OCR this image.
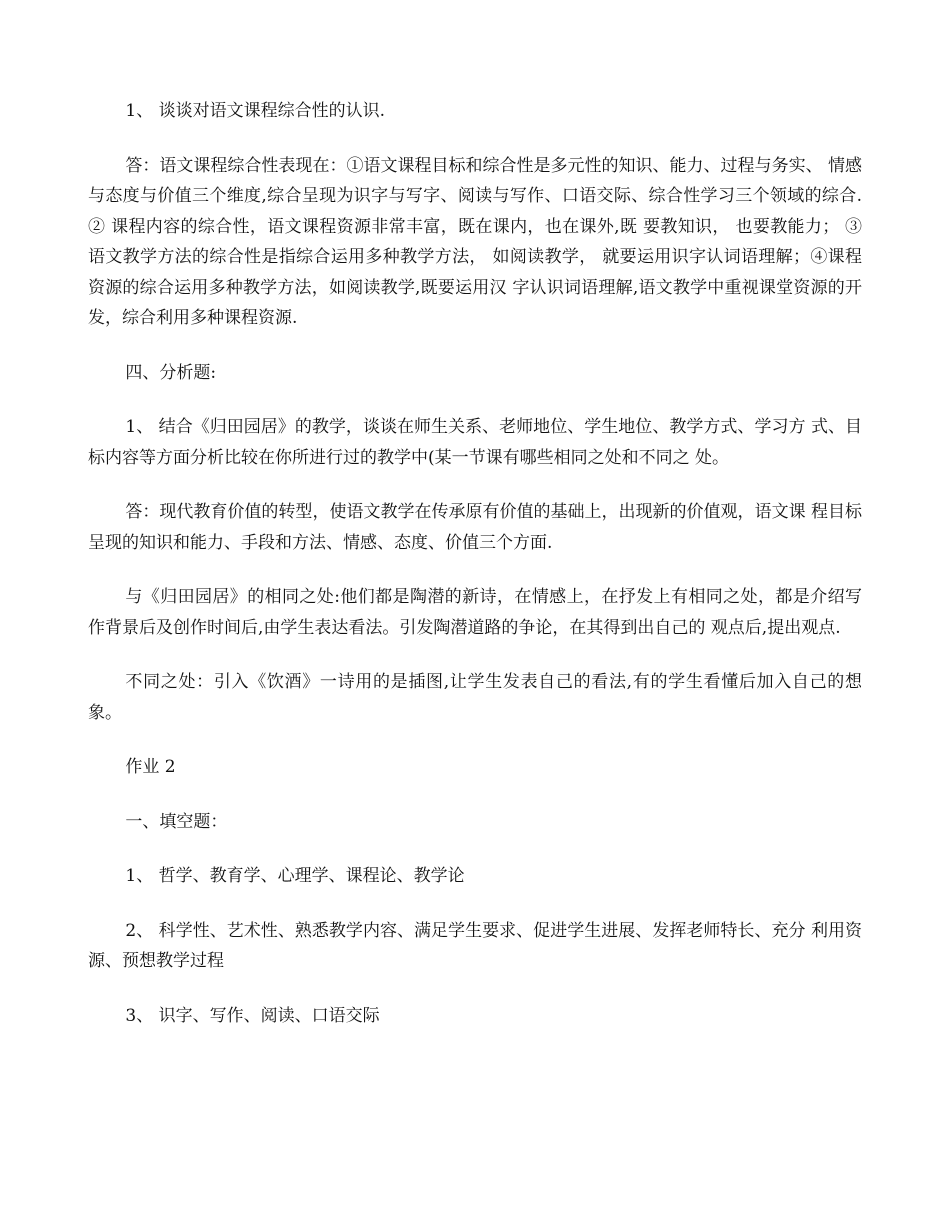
1、 谈谈对语文课程综合性的认识.

答：语文课程综合性表现在：①语文课程目标和综合性是多元性的知识、能力、过程与务实、 情感与态度与价值三个维度,综合呈现为识字与写字、阅读与写作、口语交际、综合性学习三个领域的综合.② 课程内容的综合性，语文课程资源非常丰富，既在课内，也在课外,既 要教知识， 也要教能力； ③语文教学方法的综合性是指综合运用多种教学方法， 如阅读教学， 就要运用识字认词语理解；④课程资源的综合运用多种教学方法，如阅读教学,既要运用汉 字认识词语理解,语文教学中重视课堂资源的开发，综合利用多种课程资源.

四、分析题:

1、 结合《归田园居》的教学，谈谈在师生关系、老师地位、学生地位、教学方式、学习方 式、目标内容等方面分析比较在你所进行过的教学中(某一节课有哪些相同之处和不同之 处。

答：现代教育价值的转型，使语文教学在传承原有价值的基础上，出现新的价值观，语文课 程目标呈现的知识和能力、手段和方法、情感、态度、价值三个方面.

与《归田园居》的相同之处:他们都是陶潜的新诗，在情感上，在抒发上有相同之处，都是介绍写作背景后及创作时间后,由学生表达看法。引发陶潜道路的争论，在其得到出自己的 观点后,提出观点.

不同之处：引入《饮酒》一诗用的是插图,让学生发表自己的看法,有的学生看懂后加入自己的想象。

作业 2

一、填空题：

1、 哲学、教育学、心理学、课程论、教学论

2、 科学性、艺术性、熟悉教学内容、满足学生要求、促进学生进展、发挥老师特长、充分 利用资源、预想教学过程

3、 识字、写作、阅读、口语交际
